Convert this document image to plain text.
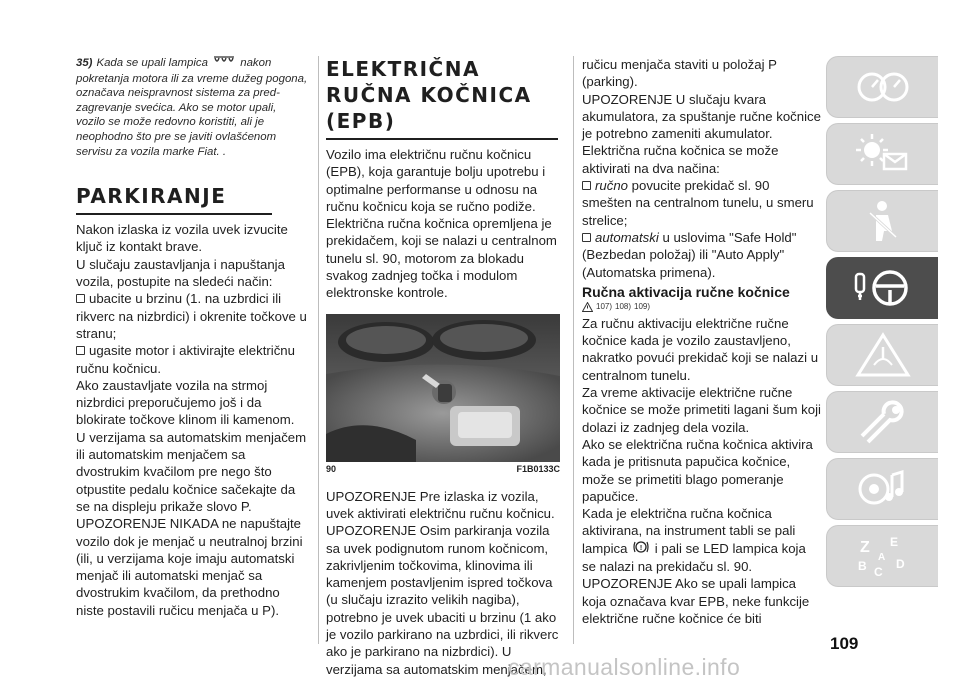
35) Kada se upali lampica	nakon pokretanja motora ili za vreme dužeg pogona, označava neispravnost sistema za pred-zagrevanje svećica. Ako se motor upali, vozilo se može redovno koristiti, ali je neophodno što pre se javiti ovlašćenom servisu za vozila marke Fiat. .
PARKIRANJE
Nakon izlaska iz vozila uvek izvucite ključ iz kontakt brave.
U slučaju zaustavljanja i napuštanja vozila, postupite na sledeći način:
ubacite u brzinu (1. na uzbrdici ili rikverc na nizbrdici) i okrenite točkove u stranu;
ugasite motor i aktivirajte električnu ručnu kočnicu.
Ako zaustavljate vozila na strmoj nizbrdici preporučujemo još i da blokirate točkove klinom ili kamenom.
U verzijama sa automatskim menjačem ili automatskim menjačem sa dvostrukim kvačilom pre nego što otpustite pedalu kočnice sačekajte da se na displeju prikaže slovo P.
UPOZORENJE NIKADA ne napuštajte vozilo dok je menjač u neutralnoj brzini (ili, u verzijama koje imaju automatski menjač ili automatski menjač sa dvostrukim kvačilom, da prethodno niste postavili ručicu menjača u P).
ELEKTRIČNA RUČNA KOČNICA (EPB)
Vozilo ima električnu ručnu kočnicu (EPB), koja garantuje bolju upotrebu i optimalne performanse u odnosu na ručnu kočnicu koja se ručno podiže. Električna ručna kočnica opremljena je prekidačem, koji se nalazi u centralnom tunelu sl. 90, motorom za blokadu svakog zadnjeg točka i modulom elektronske kontrole.
90	F1B0133C
UPOZORENJE Pre izlaska iz vozila, uvek aktivirati električnu ručnu kočnicu.
UPOZORENJE Osim parkiranja vozila sa uvek podignutom runom kočnicom, zakrivljenim točkovima, klinovima ili kamenjem postavljenim ispred točkova (u slučaju izrazito velikih nagiba), potrebno je uvek ubaciti u brzinu (1 ako je vozilo parkirano na uzbrdici, ili rikverc ako je parkirano na nizbrdici). U verzijama sa automatskim menjačem,
ručicu menjača staviti u položaj P (parking).
UPOZORENJE U slučaju kvara akumulatora, za spuštanje ručne kočnice je potrebno zameniti akumulator.
Električna ručna kočnica se može aktivirati na dva načina:
ručno povucite prekidač sl. 90 smešten na centralnom tunelu, u smeru strelice;
automatski u uslovima "Safe Hold" (Bezbedan položaj) ili "Auto Apply" (Automatska primena).
Ručna aktivacija ručne kočnice
107) 108) 109)
Za ručnu aktivaciju električne ručne kočnice kada je vozilo zaustavljeno, nakratko povući prekidač koji se nalazi u centralnom tunelu.
Za vreme aktivacije električne ručne kočnice se može primetiti lagani šum koji dolazi iz zadnjeg dela vozila.
Ako se električna ručna kočnica aktivira kada je pritisnuta papučica kočnice, može se primetiti blago pomeranje papučice.
Kada je električna ručna kočnica aktivirana, na instrument tabli se pali lampica ! i pali se LED lampica koja se nalazi na prekidaču sl. 90.
UPOZORENJE Ako se upali lampica koja označava kvar EPB, neke funkcije električne ručne kočnice će biti
Z E
B C
D
A
109
carmanualsonline.info
